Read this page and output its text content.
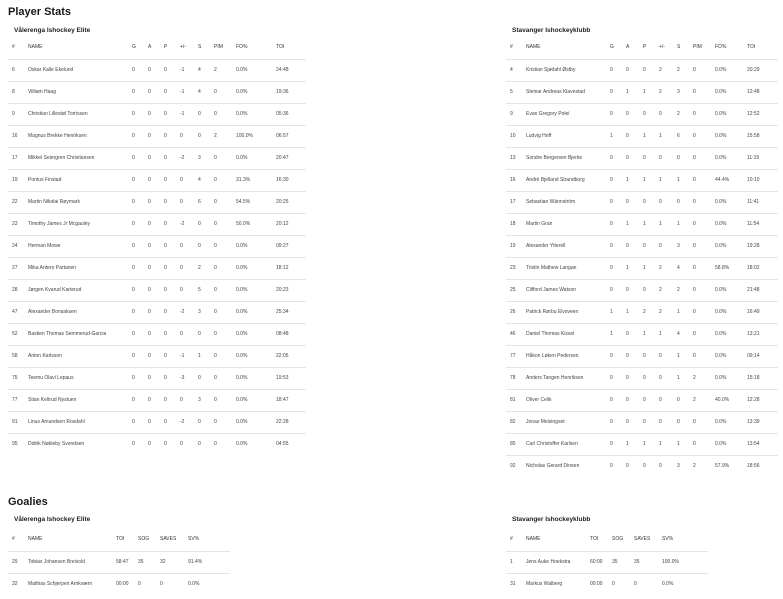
Player Stats
Vålerenga Ishockey Elite
#	NAME	G	A	P	+/-	S	PIM	FO%	TOI
6	Oskar Kalle Ekelund	0	0	0	-1	4	2	0.0%	24:48
8	Villiam Haag	0	0	0	-1	4	0	0.0%	19:36
9	Christian Lillestøl Torrissen	0	0	0	-1	0	0	0.0%	05:36
16	Magnus Brekke Henriksen	0	0	0	0	0	2	100.0%	06:57
17	Mikkel Seiergren Christiansen	0	0	0	-2	3	0	0.0%	20:47
19	Pontus Finstad	0	0	0	0	4	0	31.3%	16:30
22	Martin Nikolai Røymark	0	0	0	0	6	0	54.5%	20:25
23	Timothy James Jr Mcgauley	0	0	0	-2	0	0	50.0%	20:12
24	Herman Mowe	0	0	0	0	0	0	0.0%	09:27
27	Mika Antero Partanen	0	0	0	0	2	0	0.0%	18:12
28	Jørgen Kvarud Karterud	0	0	0	0	5	0	0.0%	20:23
47	Alexander Bonsaksen	0	0	0	-2	3	0	0.0%	25:34
52	Bastien Thomas Semmerud-Garcia	0	0	0	0	0	0	0.0%	08:48
58	Anton Karlsson	0	0	0	-1	1	0	0.0%	22:05
75	Teemu Olavi Lepaus	0	0	0	-3	0	0	0.0%	19:53
77	Stian Keltrud Nystuen	0	0	0	0	3	0	0.0%	18:47
91	Linus Amundsen Rosdahl	0	0	0	-2	0	0	0.0%	22:28
95	Didrik Nøkleby Svendsen	0	0	0	0	0	0	0.0%	04:55
Stavanger Ishockeyklubb
#	NAME	G	A	P	+/-	S	PIM	FO%	TOI
4	Kristian Sjødahl Østby	0	0	0	2	2	0	0.0%	20:29
5	Steinar Andreas Klavestad	0	1	1	2	3	0	0.0%	12:48
9	Evan Gregory Polei	0	0	0	0	2	0	0.0%	12:52
10	Ludvig Hoff	1	0	1	1	6	0	0.0%	15:58
13	Sondre Bergersen Bjerke	0	0	0	0	0	0	0.0%	11:19
16	André Bjelland Strandborg	0	1	1	1	1	0	44.4%	10:10
17	Sebastian Wännström	0	0	0	0	0	0	0.0%	11:41
18	Martin Gran	0	1	1	1	1	0	0.0%	11:54
19	Alexander Ytterell	0	0	0	0	3	0	0.0%	19:28
23	Tristin Mathew Langan	0	1	1	2	4	0	58.8%	18:02
25	Clifford James Watson	0	0	0	2	2	0	0.0%	21:48
26	Patrick Rørbu Elvsveen	1	1	2	2	1	0	0.0%	16:49
46	Daniel Thomas Kissel	1	0	1	1	4	0	0.0%	13:21
77	Håkon Løken Pedersen	0	0	0	0	1	0	0.0%	09:14
78	Anders Tangen Henriksen	0	0	0	0	1	2	0.0%	15:18
81	Oliver Celik	0	0	0	0	0	2	40.0%	12:28
82	Jonas Meisingset	0	0	0	0	0	0	0.0%	13:39
85	Carl Christoffer Karlsen	0	1	1	1	1	0	0.0%	13:54
92	Nicholas Gerard Dineen	0	0	0	0	3	2	57.9%	18:56
Goalies
Vålerenga Ishockey Elite
#	NAME	TOI	SOG	SAVES	SV%
29	Tobias Johansen Breivold	58:47	35	32	91.4%
32	Mathias Schjerpen Arnkværn	00:00	0	0	0.0%
Stavanger Ishockeyklubb
#	NAME	TOI	SOG	SAVES	SV%
1	Jens Auke Hoekstra	60:00	35	35	100.0%
31	Markus Walberg	00:00	0	0	0.0%
